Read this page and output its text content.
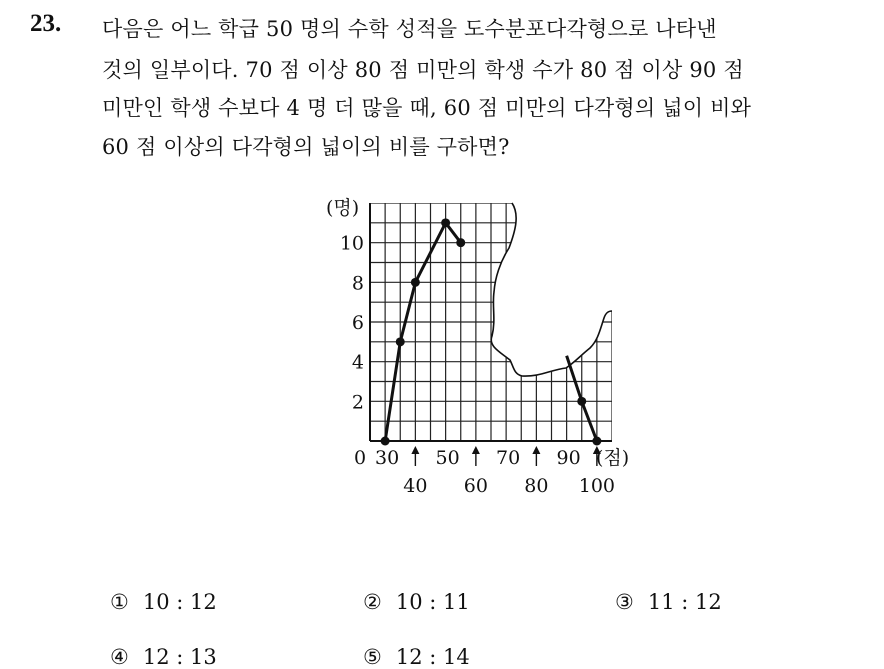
23. 다음은 어느 학급 50 명의 수학 성적을 도수분포다각형으로 나타낸
것의 일부이다. 70 점 이상 80 점 미만의 학생 수가 80 점 이상 90 점
미만인 학생 수보다 4 명 더 많을 때, 60 점 미만의 다각형의 넓이 비와
60 점 이상의 다각형의 넓이의 비를 구하면?
2
4
6
8
10
(명)
0 30 50 70 90
40 60 80 100
(점)
① 10 : 12	② 10 : 11	③ 11 : 12
④ 12 : 13	⑤ 12 : 14
